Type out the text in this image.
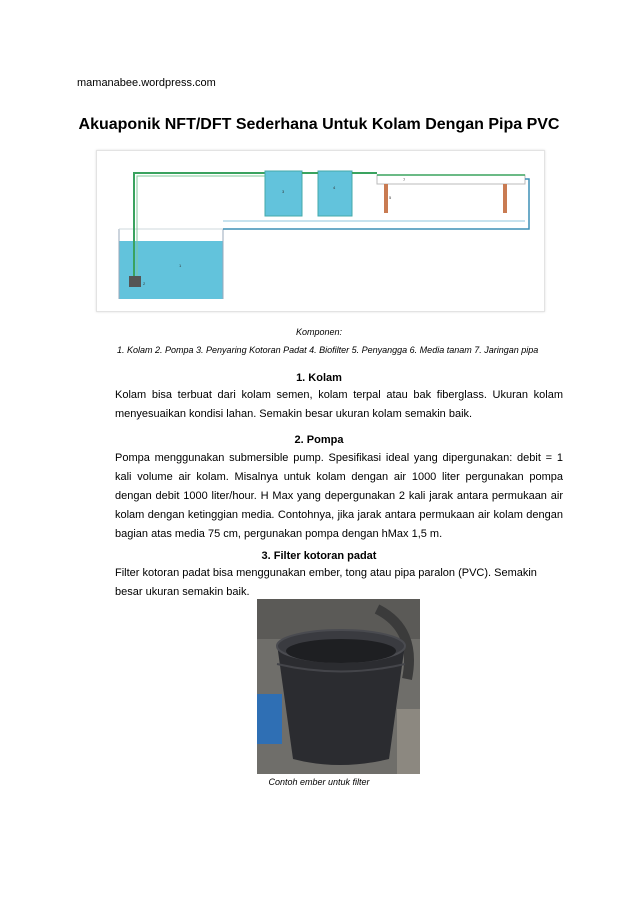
mamanabee.wordpress.com
Akuaponik NFT/DFT Sederhana Untuk Kolam Dengan Pipa PVC
1
2
3
4
5
7
Komponen:
1. Kolam 2. Pompa 3. Penyaring Kotoran Padat 4. Biofilter 5. Penyangga 6. Media tanam 7. Jaringan pipa
1. Kolam
Kolam bisa terbuat dari kolam semen, kolam terpal atau bak fiberglass. Ukuran kolam menyesuaikan kondisi lahan. Semakin besar ukuran kolam semakin baik.
2. Pompa
Pompa menggunakan submersible pump. Spesifikasi ideal yang dipergunakan: debit = 1 kali volume air kolam. Misalnya untuk kolam dengan air 1000 liter pergunakan pompa dengan debit 1000 liter/hour. H Max yang depergunakan 2 kali jarak antara permukaan air kolam dengan ketinggian media. Contohnya, jika jarak antara permukaan air kolam dengan bagian atas media 75 cm, pergunakan pompa dengan hMax 1,5 m.
3. Filter kotoran padat
Filter kotoran padat bisa menggunakan ember, tong atau pipa paralon (PVC). Semakin besar ukuran semakin baik.
Contoh ember untuk filter
